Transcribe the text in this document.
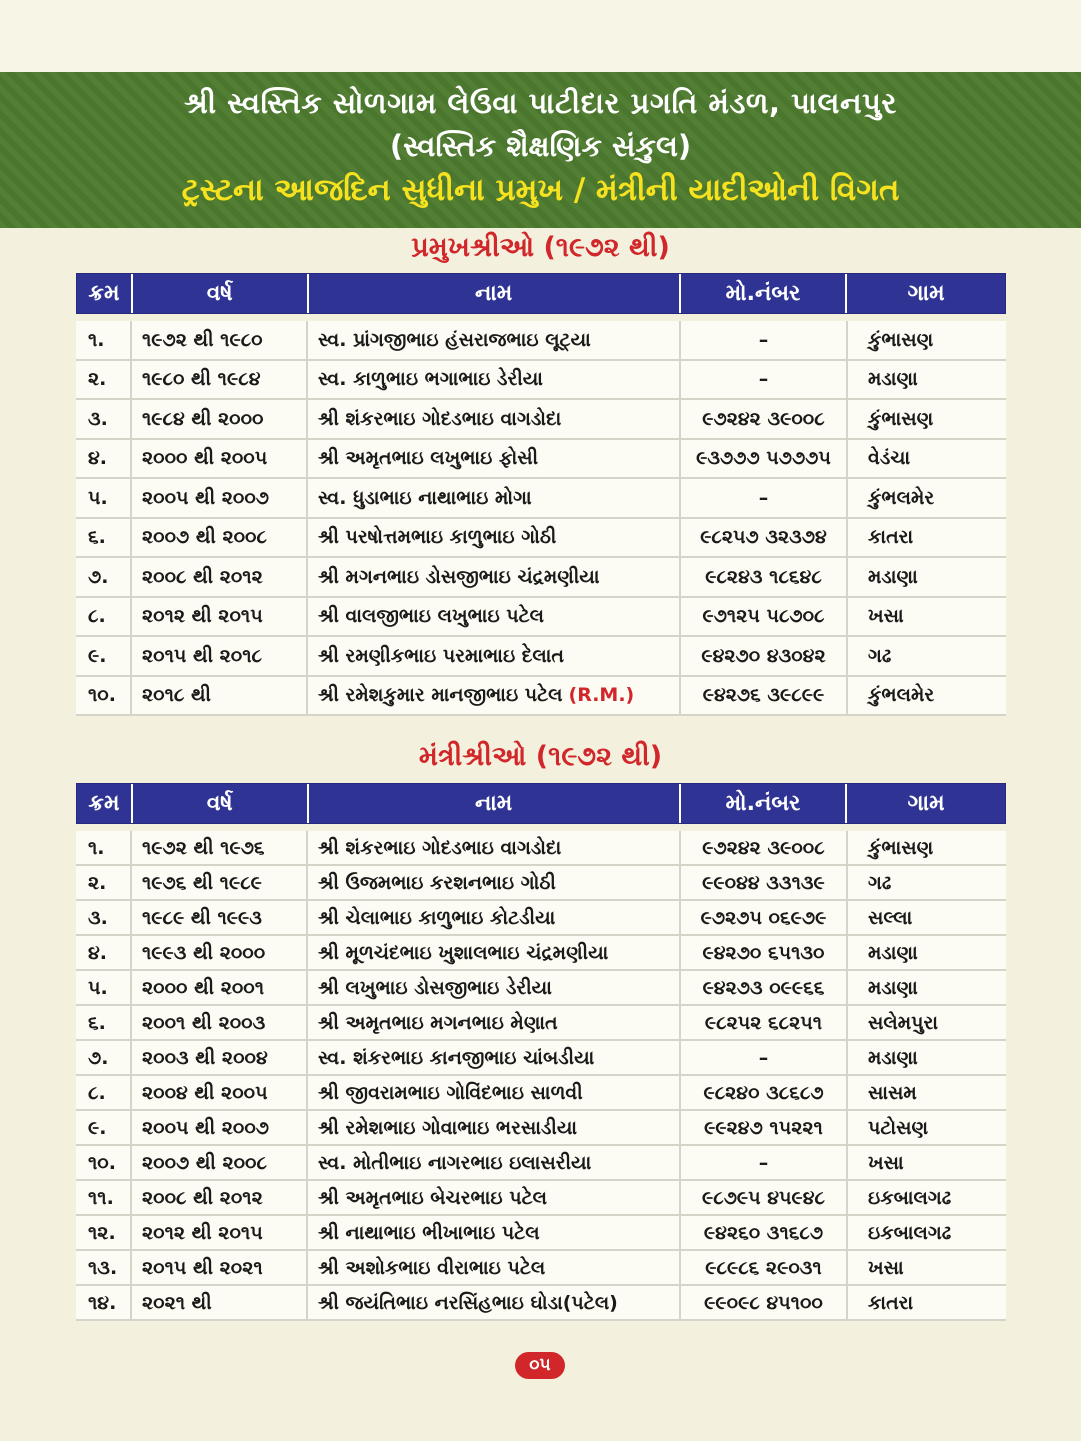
શ્રી સ્વસ્તિક સોળગામ લેઉવા પાટીદાર પ્રગતિ મંડળ, પાલનપુર
(સ્વસ્તિક શૈક્ષણિક સંકુલ)
ટ્રસ્ટના આજદિન સુધીના પ્રમુખ / મંત્રીની યાદીઓની વિગત
પ્રમુખશ્રીઓ (૧૯૭૨ થી)
ક્રમ	વર્ષ	નામ	મો.નંબર	ગામ
૧. ૧૯૭૨ થી ૧૯૮૦	સ્વ. પ્રાંગજીભાઇ હંસરાજભાઇ લૂટ્યા	–	કુંભાસણ
૨. ૧૯૮૦ થી ૧૯૮૪	સ્વ. કાળુભાઇ ભગાભાઇ ડેરીયા	–	મડાણા
૩. ૧૯૮૪ થી ૨૦૦૦	શ્રી શંકરભાઇ ગોદડભાઇ વાગડોદા	૯૭૨૪૨ ૩૯૦૦૮ કુંભાસણ
૪. ૨૦૦૦ થી ૨૦૦૫	શ્રી અમૃતભાઇ લખુભાઇ ફોસી	૯૩૭૭૭ ૫૭૭૭૫ વેડંચા
૫. ૨૦૦૫ થી ૨૦૦૭	સ્વ. ધુડાભાઇ નાથાભાઇ મોગા	–	કુંભલમેર
૬. ૨૦૦૭ થી ૨૦૦૮	શ્રી પરષોત્તમભાઇ કાળુભાઇ ગોઠી	૯૮૨૫૭ ૩૨૩૭૪ કાતરા
૭. ૨૦૦૮ થી ૨૦૧૨	શ્રી મગનભાઇ ડોસજીભાઇ ચંદ્રમણીયા	૯૮૨૪૩ ૧૮૬૪૮ મડાણા
૮. ૨૦૧૨ થી ૨૦૧૫	શ્રી વાલજીભાઇ લખુભાઇ પટેલ	૯૭૧૨૫ ૫૮૭૦૮ ખસા
૯. ૨૦૧૫ થી ૨૦૧૮	શ્રી રમણીકભાઇ પરમાભાઇ દેલાત	૯૪૨૭૦ ૪૩૦૪૨ ગઢ
૧૦. ૨૦૧૮ થી	શ્રી રમેશકુમાર માનજીભાઇ પટેલ (R.M.)	૯૪૨૭૬ ૩૯૮૯૯ કુંભલમેર
મંત્રીશ્રીઓ (૧૯૭૨ થી)
ક્રમ	વર્ષ	નામ	મો.નંબર	ગામ
૧. ૧૯૭૨ થી ૧૯૭૬	શ્રી શંકરભાઇ ગોદડભાઇ વાગડોદા	૯૭૨૪૨ ૩૯૦૦૮ કુંભાસણ
૨. ૧૯૭૬ થી ૧૯૮૯	શ્રી ઉજમભાઇ કરશનભાઇ ગોઠી	૯૯૦૪૪ ૩૩૧૩૯ ગઢ
૩. ૧૯૮૯ થી ૧૯૯૩	શ્રી ચેલાભાઇ કાળુભાઇ કોટડીયા	૯૭૨૭૫ ૦૬૯૭૯ સલ્લા
૪. ૧૯૯૩ થી ૨૦૦૦	શ્રી મૂળચંદભાઇ ખુશાલભાઇ ચંદ્રમણીયા	૯૪૨૭૦ ૬૫૧૩૦ મડાણા
૫. ૨૦૦૦ થી ૨૦૦૧	શ્રી લખુભાઇ ડોસજીભાઇ ડેરીયા	૯૪૨૭૩ ૦૯૯૬૬ મડાણા
૬. ૨૦૦૧ થી ૨૦૦૩	શ્રી અમૃતભાઇ મગનભાઇ મેણાત	૯૮૨૫૨ ૬૮૨૫૧ સલેમપુરા
૭. ૨૦૦૩ થી ૨૦૦૪	સ્વ. શંકરભાઇ કાનજીભાઇ ચાંબડીયા	–	મડાણા
૮. ૨૦૦૪ થી ૨૦૦૫	શ્રી જીવરામભાઇ ગોવિંદભાઇ સાળવી	૯૮૨૪૦ ૩૮૬૮૭ સાસમ
૯. ૨૦૦૫ થી ૨૦૦૭	શ્રી રમેશભાઇ ગોવાભાઇ ભરસાડીયા	૯૯૨૪૭ ૧૫૨૨૧ પટોસણ
૧૦. ૨૦૦૭ થી ૨૦૦૮	સ્વ. મોતીભાઇ નાગરભાઇ ઇલાસરીયા	–	ખસા
૧૧. ૨૦૦૮ થી ૨૦૧૨	શ્રી અમૃતભાઇ બેચરભાઇ પટેલ	૯૮૭૯૫ ૪૫૯૪૮ ઇકબાલગઢ
૧૨. ૨૦૧૨ થી ૨૦૧૫	શ્રી નાથાભાઇ ભીખાભાઇ પટેલ	૯૪૨૬૦ ૩૧૬૮૭ ઇકબાલગઢ
૧૩. ૨૦૧૫ થી ૨૦૨૧	શ્રી અશોકભાઇ વીરાભાઇ પટેલ	૯૮૯૮૬ ૨૯૦૩૧ ખસા
૧૪. ૨૦૨૧ થી	શ્રી જયંતિભાઇ નરસિંહભાઇ ઘોડા(પટેલ)	૯૯૦૯૮ ૪૫૧૦૦ કાતરા
૦૫
